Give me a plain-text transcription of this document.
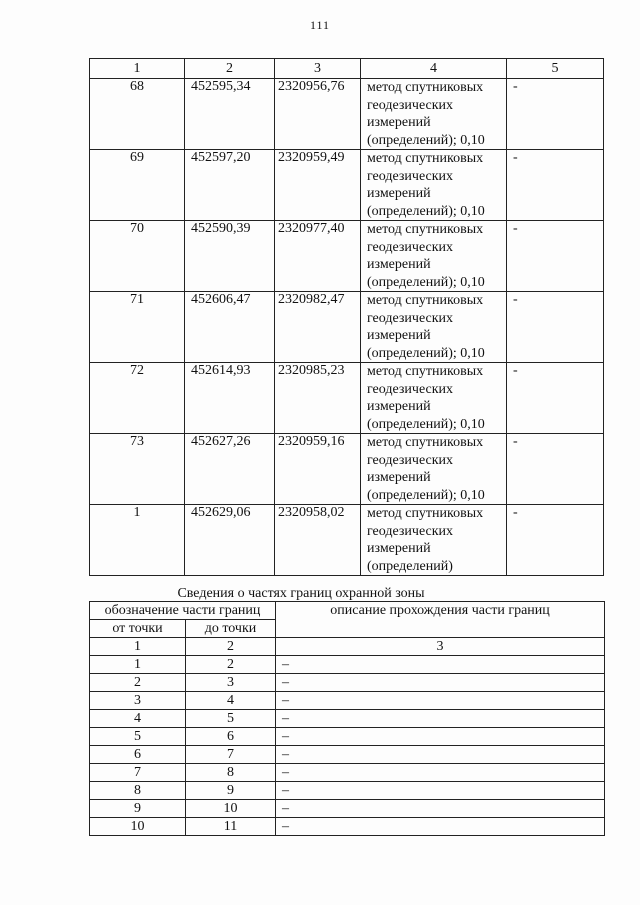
111
1	2	3	4	5
68	452595,34	2320956,76	метод спутниковых геодезических измерений (определений); 0,10	-
69	452597,20	2320959,49	метод спутниковых геодезических измерений (определений); 0,10	-
70	452590,39	2320977,40	метод спутниковых геодезических измерений (определений); 0,10	-
71	452606,47	2320982,47	метод спутниковых геодезических измерений (определений); 0,10	-
72	452614,93	2320985,23	метод спутниковых геодезических измерений (определений); 0,10	-
73	452627,26	2320959,16	метод спутниковых геодезических измерений (определений); 0,10	-
1	452629,06	2320958,02	метод спутниковых геодезических измерений (определений)	-
Сведения о частях границ охранной зоны
обозначение части границ		описание прохождения части границ
от точки	до точки	
1	2	3
1	2	–
2	3	–
3	4	–
4	5	–
5	6	–
6	7	–
7	8	–
8	9	–
9	10	–
10	11	–
